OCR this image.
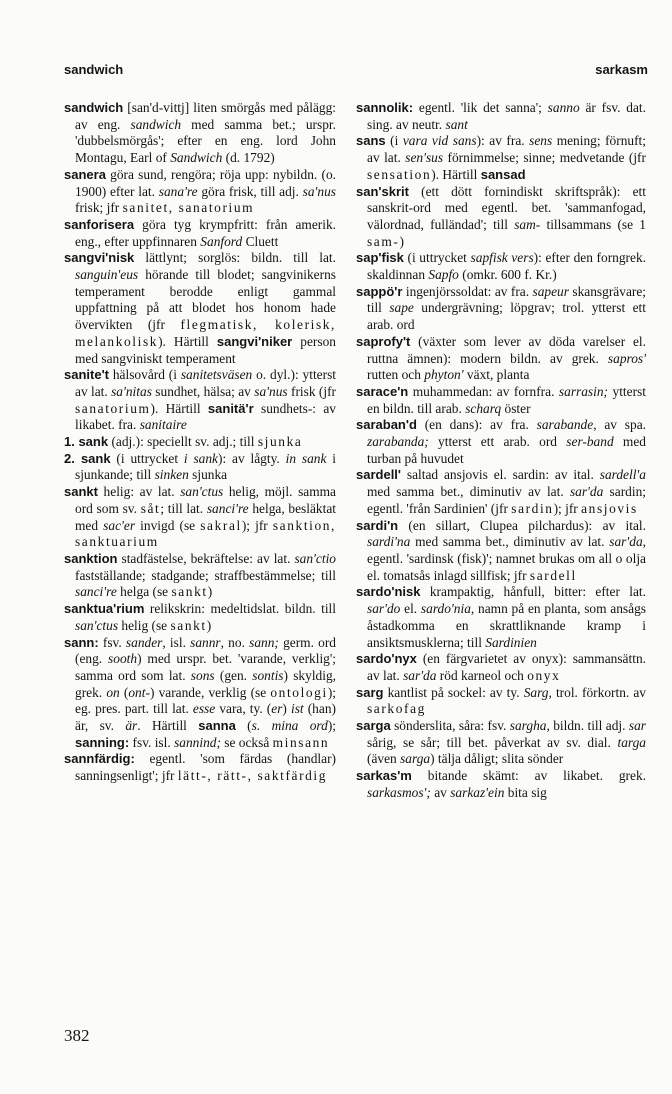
sandwich	sarkasm

sandwich [san'd-vittj] liten smörgås med pålägg: av eng. sandwich med samma bet.; urspr. 'dubbelsmörgås'; efter en eng. lord John Montagu, Earl of Sandwich (d. 1792)

sanera göra sund, rengöra; röja upp: nybildn. (o. 1900) efter lat. sana're göra frisk, till adj. sa'nus frisk; jfr sanitet, sanatorium

sanforisera göra tyg krympfritt: från amerik. eng., efter uppfinnaren Sanford Cluett

sangvi'nisk lättlynt; sorglös: bildn. till lat. sanguin'eus hörande till blodet; sangvinikerns temperament berodde enligt gammal uppfattning på att blodet hos honom hade övervikten (jfr flegmatisk, kolerisk, melankolisk). Härtill sangvi'niker person med sangviniskt temperament

sanite't hälsovård (i sanitetsväsen o. dyl.): ytterst av lat. sa'nitas sundhet, hälsa; av sa'nus frisk (jfr sanatorium). Härtill sanitä'r sundhets-: av likabet. fra. sanitaire

1. sank (adj.): speciellt sv. adj.; till sjunka

2. sank (i uttrycket i sank): av lågty. in sank i sjunkande; till sinken sjunka

sankt helig: av lat. san'ctus helig, möjl. samma ord som sv. såt; till lat. sanci're helga, besläktat med sac'er invigd (se sakral); jfr sanktion, sanktuarium

sanktion stadfästelse, bekräftelse: av lat. san'ctio fastställande; stadgande; straffbestämmelse; till sanci're helga (se sankt)

sanktua'rium relikskrin: medeltidslat. bildn. till san'ctus helig (se sankt)

sann: fsv. sander, isl. sannr, no. sann; germ. ord (eng. sooth) med urspr. bet. 'varande, verklig'; samma ord som lat. sons (gen. sontis) skyldig, grek. on (ont-) varande, verklig (se ontologi); eg. pres. part. till lat. esse vara, ty. (er) ist (han) är, sv. är. Härtill sanna (s. mina ord); sanning: fsv. isl. sannind; se också minsann

sannfärdig: egentl. 'som färdas (handlar) sanningsenligt'; jfr lätt-, rätt-, saktfärdig

sannolik: egentl. 'lik det sanna'; sanno är fsv. dat. sing. av neutr. sant

sans (i vara vid sans): av fra. sens mening; förnuft; av lat. sen'sus förnimmelse; sinne; medvetande (jfr sensation). Härtill sansad

san'skrit (ett dött fornindiskt skriftspråk): ett sanskrit-ord med egentl. bet. 'sammanfogad, välordnad, fulländad'; till sam- tillsammans (se 1 sam-)

sap'fisk (i uttrycket sapfisk vers): efter den forngrek. skaldinnan Sapfo (omkr. 600 f. Kr.)

sappö'r ingenjörssoldat: av fra. sapeur skansgrävare; till sape undergrävning; löpgrav; trol. ytterst ett arab. ord

saprofy't (växter som lever av döda varelser el. ruttna ämnen): modern bildn. av grek. sapros' rutten och phyton' växt, planta

sarace'n muhammedan: av fornfra. sarrasin; ytterst en bildn. till arab. scharq öster

saraban'd (en dans): av fra. sarabande, av spa. zarabanda; ytterst ett arab. ord ser-band med turban på huvudet

sardell' saltad ansjovis el. sardin: av ital. sardell'a med samma bet., diminutiv av lat. sar'da sardin; egentl. 'från Sardinien' (jfr sardin); jfr ansjovis

sardi'n (en sillart, Clupea pilchardus): av ital. sardi'na med samma bet., diminutiv av lat. sar'da, egentl. 'sardinsk (fisk)'; namnet brukas om all o olja el. tomatsås inlagd sillfisk; jfr sardell

sardo'nisk krampaktig, hånfull, bitter: efter lat. sar'do el. sardo'nia, namn på en planta, som ansågs åstadkomma en skrattliknande kramp i ansiktsmusklerna; till Sardinien

sardo'nyx (en färgvarietet av onyx): sammansättn. av lat. sar'da röd karneol och onyx

sarg kantlist på sockel: av ty. Sarg, trol. förkortn. av sarkofag

sarga sönderslita, såra: fsv. sargha, bildn. till adj. sar sårig, se sår; till bet. påverkat av sv. dial. targa (även sarga) tälja dåligt; slita sönder

sarkas'm bitande skämt: av likabet. grek. sarkasmos'; av sarkaz'ein bita sig

382
